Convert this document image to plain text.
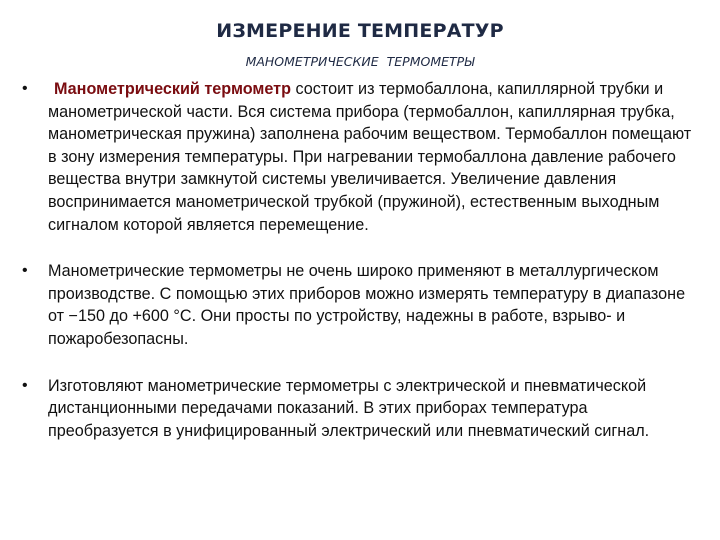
ИЗМЕРЕНИЕ ТЕМПЕРАТУР
МАНОМЕТРИЧЕСКИЕ ТЕРМОМЕТРЫ
• Манометрический термометр состоит из термобаллона, капиллярной трубки и манометрической части. Вся система прибора (термобаллон, капиллярная трубка, манометрическая пружина) заполнена рабочим веществом. Термобаллон помещают в зону измерения температуры. При нагревании термобаллона давление рабочего вещества внутри замкнутой системы увеличивается. Увеличение давления воспринимается манометрической трубкой (пружиной), естественным выходным сигналом которой является перемещение.
• Манометрические термометры не очень широко применяют в металлургическом производстве. С помощью этих приборов можно измерять температуру в диапазоне от −150 до +600 °С. Они просты по устройству, надежны в работе, взрыво- и пожаробезопасны.
• Изготовляют манометрические термометры с электрической и пневматической дистанционными передачами показаний. В этих приборах температура преобразуется в унифицированный электрический или пневматический сигнал.
